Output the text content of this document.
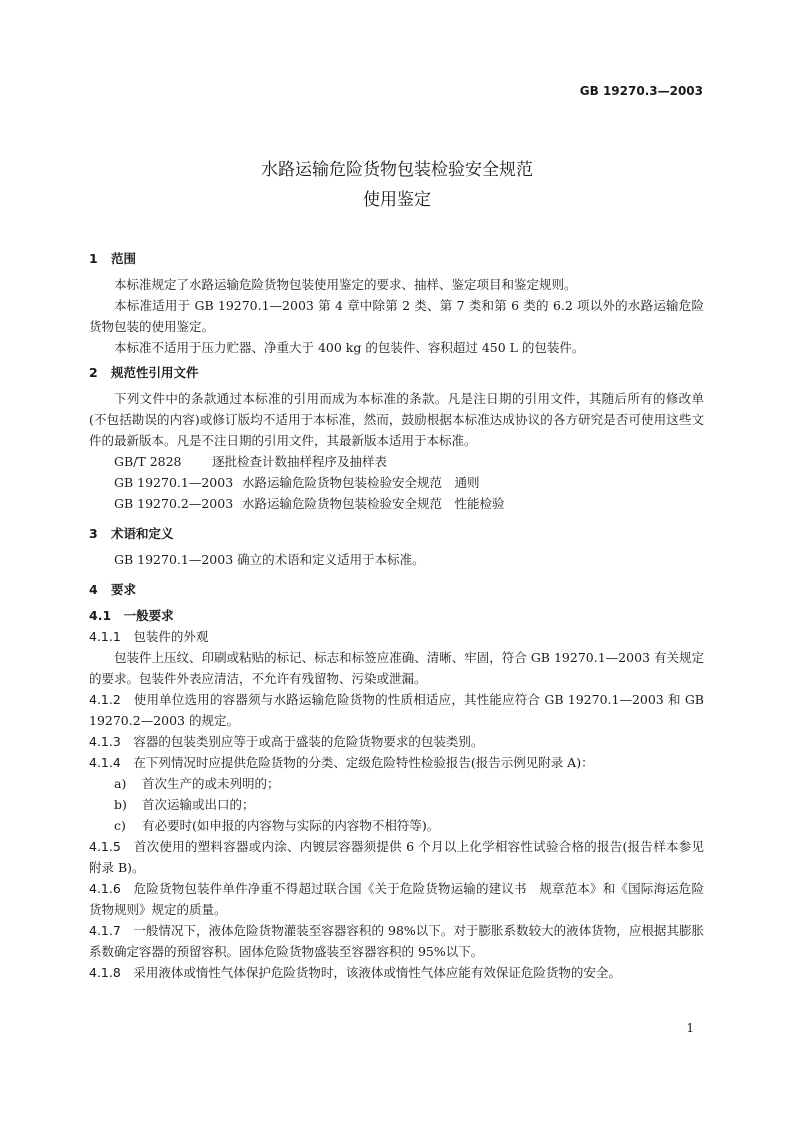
GB 19270.3—2003
水路运输危险货物包装检验安全规范
使用鉴定
1 范围
本标准规定了水路运输危险货物包装使用鉴定的要求、抽样、鉴定项目和鉴定规则。
本标准适用于 GB 19270.1—2003 第 4 章中除第 2 类、第 7 类和第 6 类的 6.2 项以外的水路运输危险货物包装的使用鉴定。
本标准不适用于压力贮器、净重大于 400 kg 的包装件、容积超过 450 L 的包装件。
2 规范性引用文件
下列文件中的条款通过本标准的引用而成为本标准的条款。凡是注日期的引用文件，其随后所有的修改单(不包括勘误的内容)或修订版均不适用于本标准，然而，鼓励根据本标准达成协议的各方研究是否可使用这些文件的最新版本。凡是不注日期的引用文件，其最新版本适用于本标准。
GB/T 2828 逐批检查计数抽样程序及抽样表
GB 19270.1—2003 水路运输危险货物包装检验安全规范　通则
GB 19270.2—2003 水路运输危险货物包装检验安全规范　性能检验
3 术语和定义
GB 19270.1—2003 确立的术语和定义适用于本标准。
4 要求
4.1　 一般要求
4.1.1　 包装件的外观
包装件上压纹、印刷或粘贴的标记、标志和标签应准确、清晰、牢固，符合 GB 19270.1—2003 有关规定的要求。包装件外表应清洁，不允许有残留物、污染或泄漏。
4.1.2　 使用单位选用的容器须与水路运输危险货物的性质相适应，其性能应符合 GB 19270.1—2003 和 GB 19270.2—2003 的规定。
4.1.3　 容器的包装类别应等于或高于盛装的危险货物要求的包装类别。
4.1.4　 在下列情况时应提供危险货物的分类、定级危险特性检验报告(报告示例见附录 A)：
a) 首次生产的或未列明的；
b) 首次运输或出口的；
c) 有必要时(如申报的内容物与实际的内容物不相符等)。
4.1.5　 首次使用的塑料容器或内涂、内镀层容器须提供 6 个月以上化学相容性试验合格的报告(报告样本参见附录 B)。
4.1.6　 危险货物包装件单件净重不得超过联合国《关于危险货物运输的建议书　规章范本》和《国际海运危险货物规则》规定的质量。
4.1.7　 一般情况下，液体危险货物灌装至容器容积的 98%以下。对于膨胀系数较大的液体货物，应根据其膨胀系数确定容器的预留容积。固体危险货物盛装至容器容积的 95%以下。
4.1.8　 采用液体或惰性气体保护危险货物时，该液体或惰性气体应能有效保证危险货物的安全。
1
